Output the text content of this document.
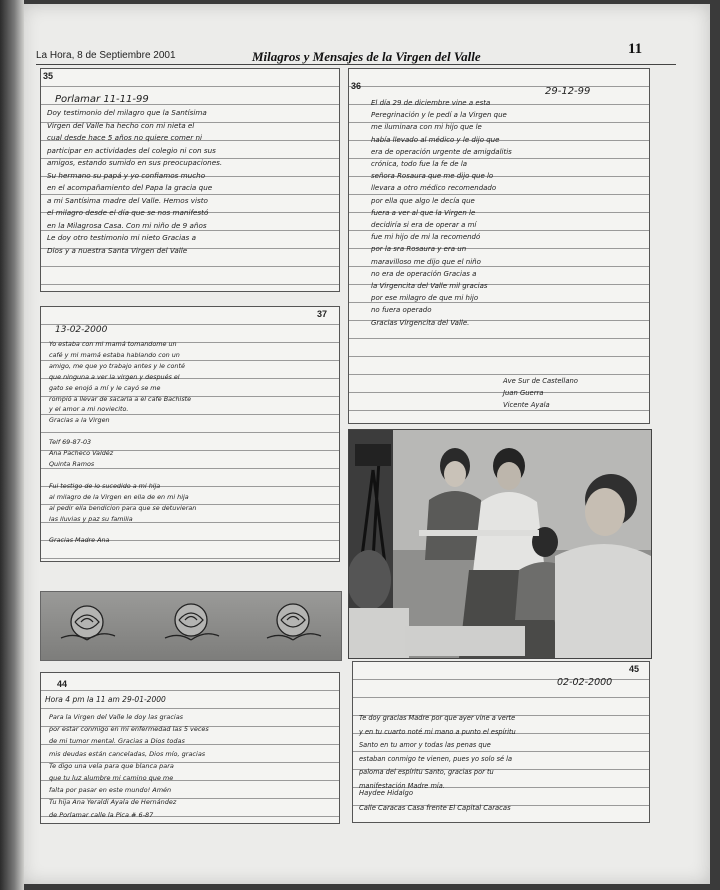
La Hora, 8 de Septiembre 2001	Milagros y Mensajes de la Virgen del Valle	11
35
Porlamar 11-11-99
Doy testimonio del milagro que la Santísima
Virgen del Valle ha hecho con mi nieta el
cual desde hace 5 años no quiere comer ni
participar en actividades del colegio ni con sus
amigos, estando sumido en sus preocupaciones.
Su hermano su papá y yo confiamos mucho
en el acompañamiento del Papa la gracia que
a mi Santísima madre del Valle. Hemos visto
el milagro desde el día que se nos manifestó
en la Milagrosa Casa. Con mi niño de 9 años
Le doy otro testimonio mi nieto Gracias a
Dios y a nuestra Santa Virgen del Valle
36	29-12-99
El día 29 de diciembre vine a esta
Peregrinación y le pedí a la Virgen que
me iluminara con mi hijo que le
había llevado al médico y le dijo que
era de operación urgente de amigdalitis
crónica, todo fue la fe de la
señora Rosaura que me dijo que lo
llevara a otro médico recomendado
por ella que algo le decía que
fuera a ver al que la Virgen le
decidiría si era de operar a mí
fue mi hijo de mi la recomendó
por la sra Rosaura y era un
maravilloso me dijo que el niño
no era de operación Gracias a
la Virgencita del Valle mil gracias
por ese milagro de que mi hijo
no fuera operado
Gracias Virgencita del Valle.
Ave Sur de Castellano
Juan Guerra
Vicente Ayala
37
13-02-2000
Yo estaba con mi mamá tomandome un
café y mi mamá estaba hablando con un
amigo, me que yo trabajo antes y le conté
que ninguna a ver la virgen y después el
gato se enojó a mí y le cayó se me
rompió a llevar de sacarla a el cafe Bachiste
y el amor a mi noviecito.
Gracias a la Virgen

Telf 69-87-03
Ana Pacheco Valdéz
Quinta Ramos

Fui testigo de lo sucedido a mi hija
al milagro de la Virgen en ella de en mi hija
al pedir ella bendicion para que se detuvieran
las lluvias y paz su familia

Gracias Madre Ana
44
Hora 4 pm la 11 am 29-01-2000
Para la Virgen del Valle le doy las gracias
por estar conmigo en mi enfermedad las 5 veces
de mi tumor mental. Gracias a Dios todas
mis deudas están canceladas, Dios mío, gracias
Te digo una vela para que blanca para
que tu luz alumbre mi camino que me
falta por pasar en este mundo! Amén
Tu hija Ana Yeraldi Ayala de Hernández
de Porlamar calle la Pica # 6-87
45
02-02-2000
Te doy gracias Madre por que ayer vine a verte
y en tu cuarto noté mi mano a punto el espíritu
Santo en tu amor y todas las penas que
estaban conmigo te vienen, pues yo solo sé la
paloma del espíritu Santo, gracias por tu
manifestación Madre mía.
Haydee Hidalgo
Calle Caracas Casa frente El Capital Caracas
